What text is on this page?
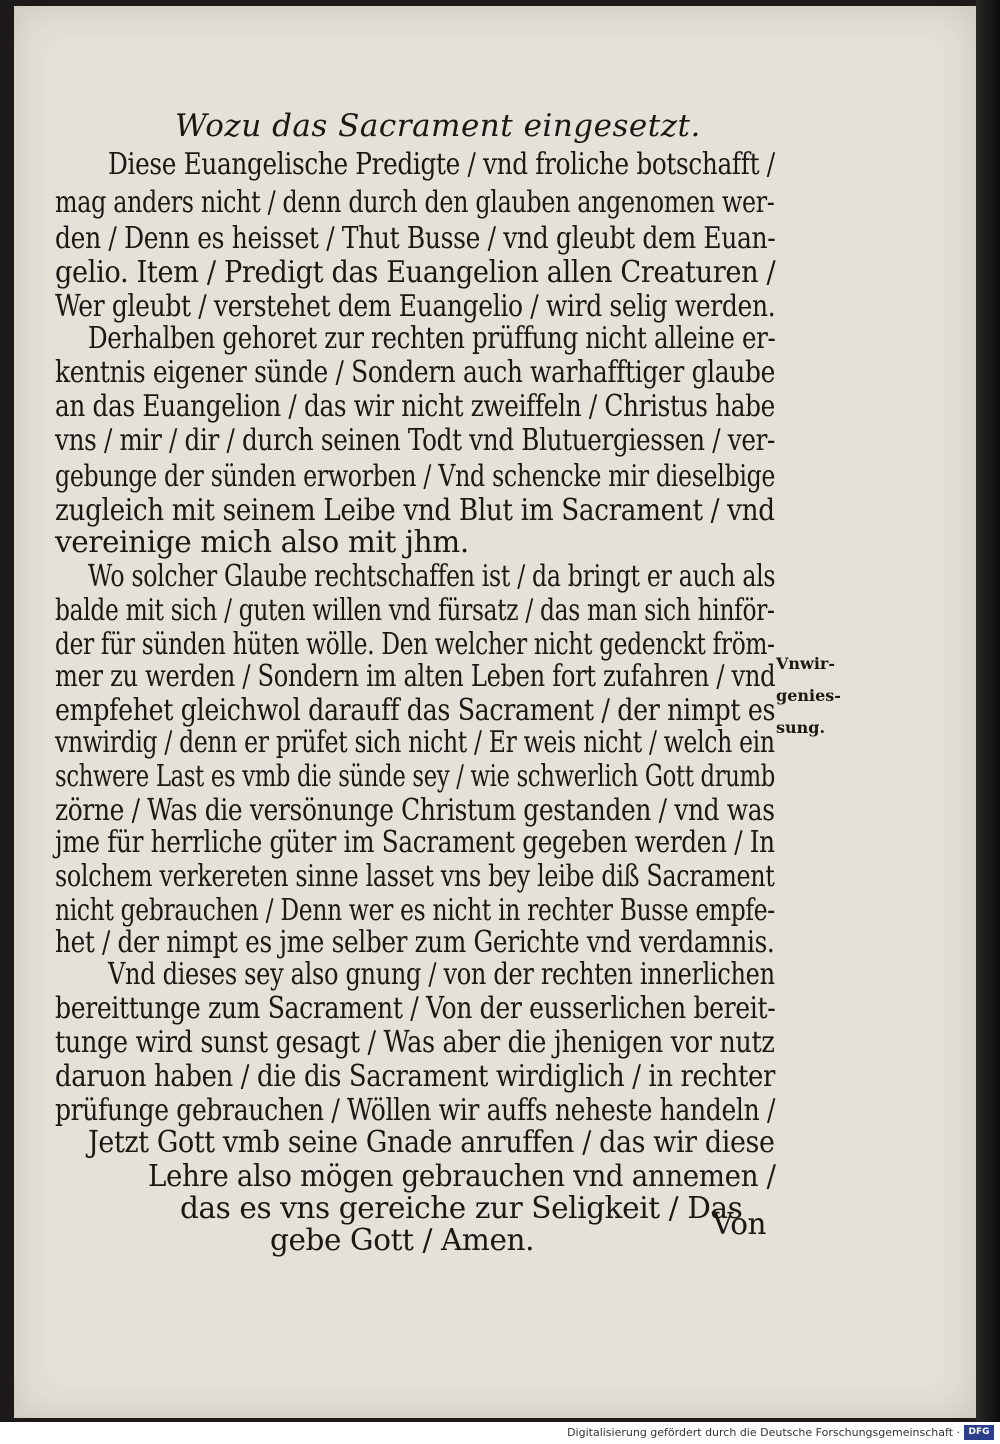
Wozu das Sacrament eingesetzt.
Diese Euangelische Predigte / vnd froliche botschafft /
mag anders nicht / denn durch den glauben angenomen wer-
den / Denn es heisset / Thut Busse / vnd gleubt dem Euan-
gelio. Item / Predigt das Euangelion allen Creaturen /
Wer gleubt / verstehet dem Euangelio / wird selig werden.
Derhalben gehoret zur rechten prüffung nicht alleine er-
kentnis eigener sünde / Sondern auch warhafftiger glaube
an das Euangelion / das wir nicht zweiffeln / Christus habe
vns / mir / dir / durch seinen Todt vnd Blutuergiessen / ver-
gebunge der sünden erworben / Vnd schencke mir dieselbige
zugleich mit seinem Leibe vnd Blut im Sacrament / vnd
vereinige mich also mit jhm.
Wo solcher Glaube rechtschaffen ist / da bringt er auch als
balde mit sich / guten willen vnd fürsatz / das man sich hinför-
der für sünden hüten wölle. Den welcher nicht gedenckt fröm-
mer zu werden / Sondern im alten Leben fort zufahren / vnd
empfehet gleichwol darauff das Sacrament / der nimpt es
vnwirdig / denn er prüfet sich nicht / Er weis nicht / welch ein
schwere Last es vmb die sünde sey / wie schwerlich Gott drumb
zörne / Was die versönunge Christum gestanden / vnd was
jme für herrliche güter im Sacrament gegeben werden / In
solchem verkereten sinne lasset vns bey leibe diß Sacrament
nicht gebrauchen / Denn wer es nicht in rechter Busse empfe-
het / der nimpt es jme selber zum Gerichte vnd verdamnis.
Vnd dieses sey also gnung / von der rechten innerlichen
bereittunge zum Sacrament / Von der eusserlichen bereit-
tunge wird sunst gesagt / Was aber die jhenigen vor nutz
daruon haben / die dis Sacrament wirdiglich / in rechter
prüfunge gebrauchen / Wöllen wir auffs neheste handeln /
Jetzt Gott vmb seine Gnade anruffen / das wir diese
Lehre also mögen gebrauchen vnd annemen /
das es vns gereiche zur Seligkeit / Das
gebe Gott / Amen.	Von
Vnwir-
genies-
sung.
Digitalisierung gefördert durch die Deutsche Forschungsgemeinschaft · DFG
